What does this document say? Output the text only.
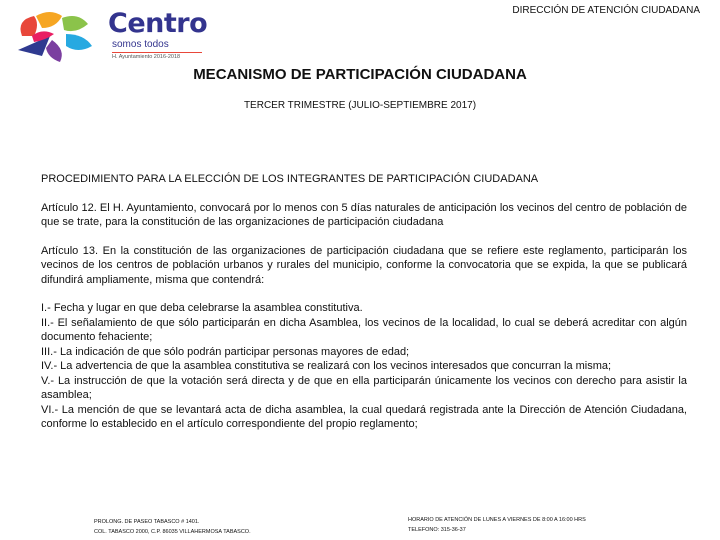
Centro
somos todos
H. Ayuntamiento 2016-2018
DIRECCIÓN DE ATENCIÓN CIUDADANA
MECANISMO DE PARTICIPACIÓN CIUDADANA
TERCER TRIMESTRE (JULIO-SEPTIEMBRE 2017)

PROCEDIMIENTO PARA LA ELECCIÓN DE LOS INTEGRANTES DE PARTICIPACIÓN CIUDADANA

Artículo 12. El H. Ayuntamiento, convocará por lo menos con 5 días naturales de anticipación los vecinos del centro de población de que se trate, para la constitución de las organizaciones de participación ciudadana

Artículo 13. En la constitución de las organizaciones de participación ciudadana que se refiere este reglamento, participarán los vecinos de los centros de población urbanos y rurales del municipio, conforme la convocatoria que se expida, la que se publicará difundirá ampliamente, misma que contendrá:

I.- Fecha y lugar en que deba celebrarse la asamblea constitutiva.
II.- El señalamiento de que sólo participarán en dicha Asamblea, los vecinos de la localidad, lo cual se deberá acreditar con algún documento fehaciente;
III.- La indicación de que sólo podrán participar personas mayores de edad;
IV.- La advertencia de que la asamblea constitutiva se realizará con los vecinos interesados que concurran la misma;
V.- La instrucción de que la votación será directa y de que en ella participarán únicamente los vecinos con derecho para asistir la asamblea;
VI.- La mención de que se levantará acta de dicha asamblea, la cual quedará registrada ante la Dirección de Atención Ciudadana, conforme lo establecido en el artículo correspondiente del propio reglamento;
PROLONG. DE PASEO TABASCO # 1401.
COL. TABASCO 2000, C.P. 86035 VILLAHERMOSA TABASCO.
HORARIO DE ATENCIÓN DE LUNES A VIERNES DE 8:00 A 16:00 HRS
TELEFONO: 315-36-37
